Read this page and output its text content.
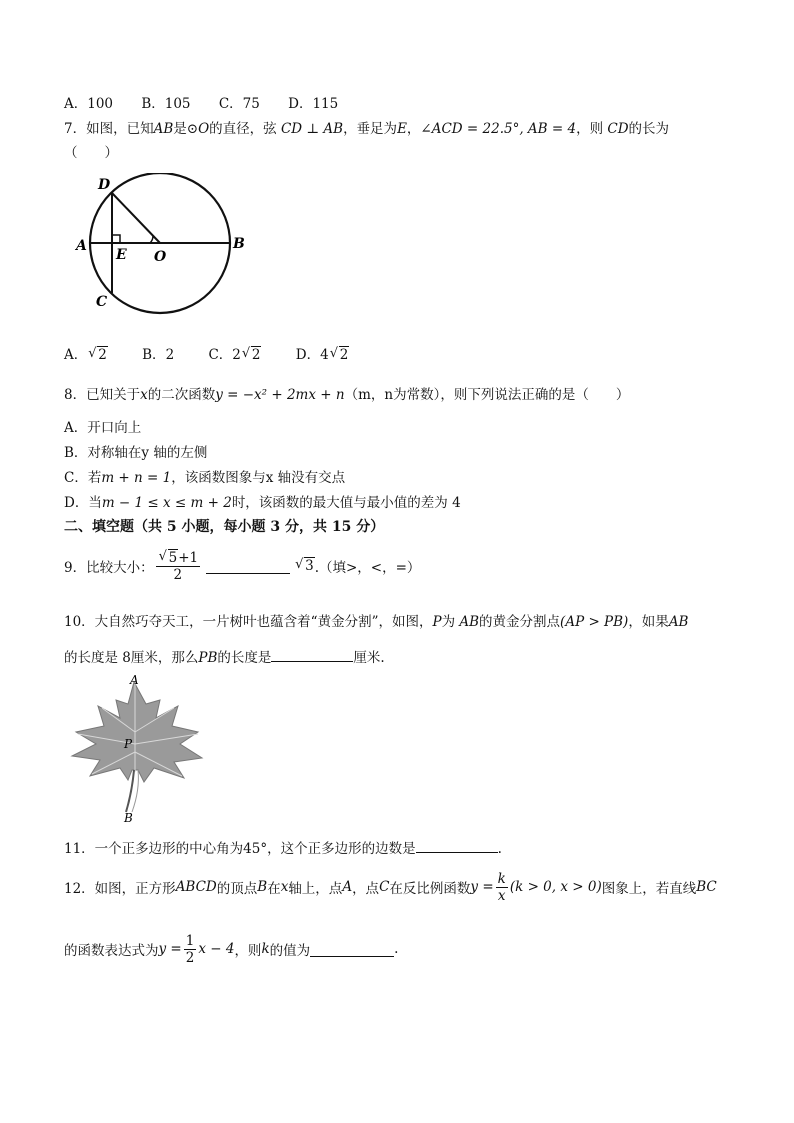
A．100 B．105 C．75 D．115
7．如图，已知AB是⊙O的直径，弦 CD ⊥ AB，垂足为E，∠ACD = 22.5°, AB = 4，则 CD的长为
（　　）
D
A
E O
B
C
A． √ 2	B．2	C．2 √ 2	D．4 √ 2
8．已知关于x的二次函数y = −x² + 2mx + n（m，n为常数），则下列说法正确的是（　　）
A．开口向上
B．对称轴在y 轴的左侧
C．若m + n = 1，该函数图象与x 轴没有交点
D．当m − 1 ≤ x ≤ m + 2时，该函数的最大值与最小值的差为 4
二、填空题（共 5 小题，每小题 3 分，共 15 分）
9．比较大小： $\frac{√ 5+1}{2}$	√ 3 .（填>，<，=）
10．大自然巧夺天工，一片树叶也蕴含着“黄金分割”，如图，P为 AB的黄金分割点(AP > PB)，如果AB
的长度是 8厘米，那么PB的长度是	厘米.
A
P
B
11．一个正多边形的中心角为45°，这个正多边形的边数是	.
12．如图，正方形 ABCD 的顶点 B 在 x 轴上，点 A ，点 C 在反比例函数 $y = \frac{k}{x} (k > 0$, x > 0) 图象上，若直线 BC
的函数表达式为 $y = \frac{1}{2}$ x − 4 ，则 k 的值为	.
